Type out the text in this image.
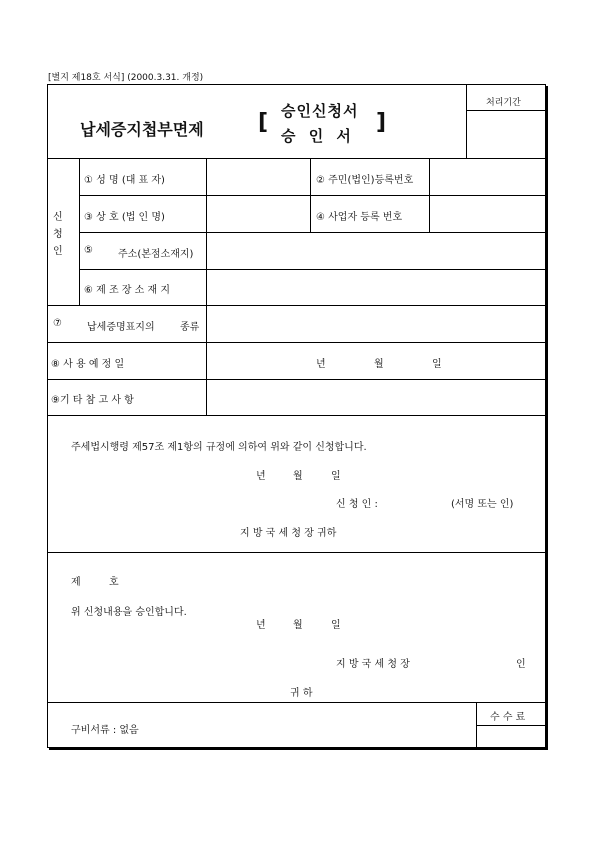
[별지 제18호 서식] (2000.3.31. 개정)
납세증지첩부면제 [ 승인신청서
승 인 서
]
처리기간
신
청
인
① 성 명 (대 표 자)	② 주민(법인)등록번호
③ 상 호 (법 인 명)	④ 사업자 등록 번호
⑤	주소(본점소재지)
⑥ 제 조 장 소 재 지
⑦	납세증명표지의	종류
⑧ 사 용 예 정 일	년	월	일
⑨기 타 참 고 사 항
주세법시행령 제57조 제1항의 규정에 의하여 위와 같이 신청합니다.
년	월	일
신 청 인 :	(서명 또는 인)
지 방 국 세 청 장 귀하
제	호
위 신청내용을 승인합니다.
년	월	일
지 방 국 세 청 장	인
귀 하
구비서류 : 없음
수 수 료
